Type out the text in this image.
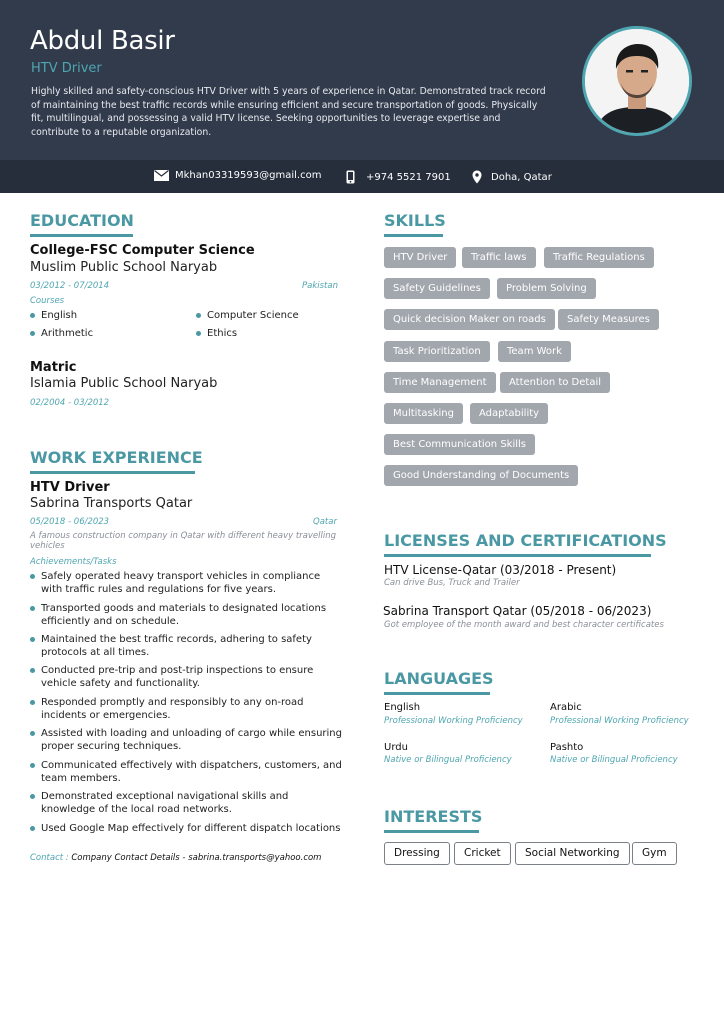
Abdul Basir
HTV Driver
Highly skilled and safety-conscious HTV Driver with 5 years of experience in Qatar. Demonstrated track record of maintaining the best traffic records while ensuring efficient and secure transportation of goods. Physically fit, multilingual, and possessing a valid HTV license. Seeking opportunities to leverage expertise and contribute to a reputable organization.
Mkhan03319593@gmail.com	+974 5521 7901	Doha, Qatar
EDUCATION
College-FSC Computer Science
Muslim Public School Naryab
03/2012 - 07/2014	Pakistan
Courses
English	Computer Science
Arithmetic	Ethics
Matric
Islamia Public School Naryab
02/2004 - 03/2012
WORK EXPERIENCE
HTV Driver
Sabrina Transports Qatar
05/2018 - 06/2023	Qatar
A famous construction company in Qatar with different heavy travelling vehicles
Achievements/Tasks
Safely operated heavy transport vehicles in compliance with traffic rules and regulations for five years.
Transported goods and materials to designated locations efficiently and on schedule.
Maintained the best traffic records, adhering to safety protocols at all times.
Conducted pre-trip and post-trip inspections to ensure vehicle safety and functionality.
Responded promptly and responsibly to any on-road incidents or emergencies.
Assisted with loading and unloading of cargo while ensuring proper securing techniques.
Communicated effectively with dispatchers, customers, and team members.
Demonstrated exceptional navigational skills and knowledge of the local road networks.
Used Google Map effectively for different dispatch locations
Contact : Company Contact Details - sabrina.transports@yahoo.com
SKILLS
HTV Driver	Traffic laws	Traffic Regulations
Safety Guidelines	Problem Solving
Quick decision Maker on roads	Safety Measures
Task Prioritization	Team Work
Time Management	Attention to Detail
Multitasking	Adaptability
Best Communication Skills
Good Understanding of Documents
LICENSES AND CERTIFICATIONS
HTV License-Qatar (03/2018 - Present)
Can drive Bus, Truck and Trailer
Sabrina Transport Qatar (05/2018 - 06/2023)
Got employee of the month award and best character certificates
LANGUAGES
English
Professional Working Proficiency
Arabic
Professional Working Proficiency
Urdu
Native or Bilingual Proficiency
Pashto
Native or Bilingual Proficiency
INTERESTS
Dressing	Cricket	Social Networking	Gym
